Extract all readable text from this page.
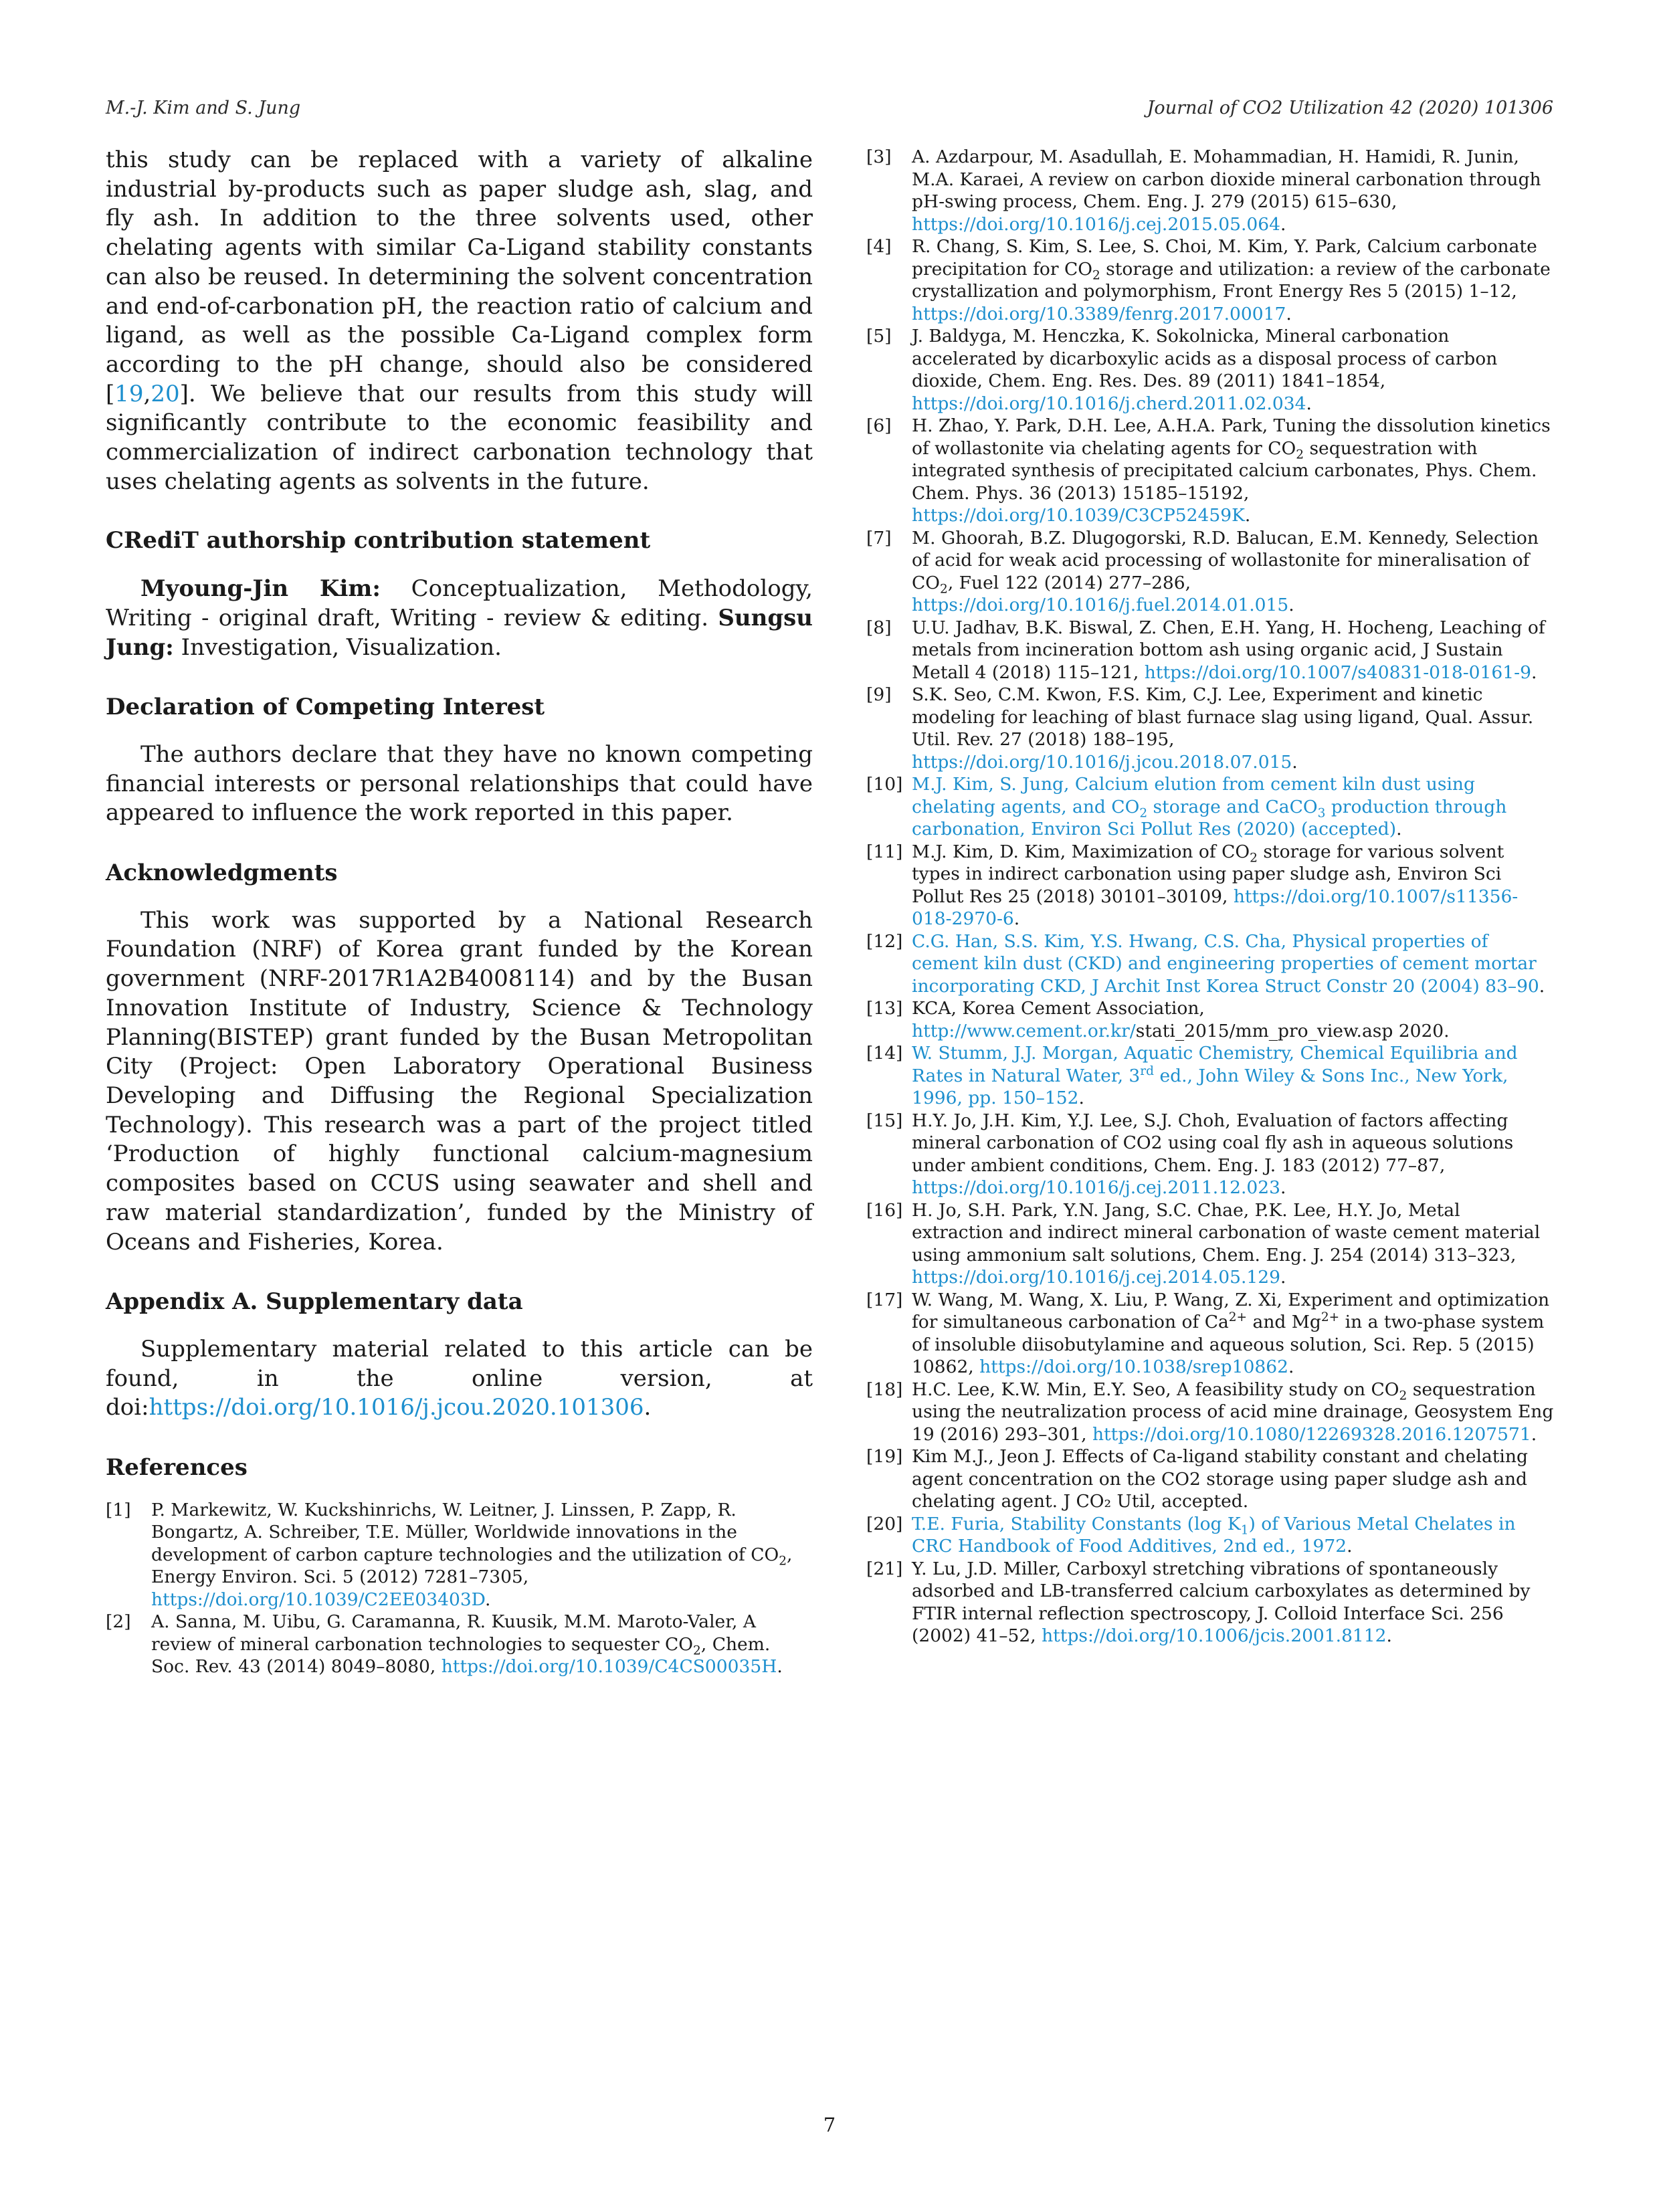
M.-J. Kim and S. Jung	Journal of CO2 Utilization 42 (2020) 101306

this study can be replaced with a variety of alkaline industrial by-products such as paper sludge ash, slag, and fly ash. In addition to the three solvents used, other chelating agents with similar Ca-Ligand stability constants can also be reused. In determining the solvent concentration and end-of-carbonation pH, the reaction ratio of calcium and ligand, as well as the possible Ca-Ligand complex form according to the pH change, should also be considered [19,20]. We believe that our results from this study will significantly contribute to the economic feasibility and commercialization of indirect carbonation technology that uses chelating agents as solvents in the future.

CRediT authorship contribution statement

Myoung-Jin Kim: Conceptualization, Methodology, Writing - original draft, Writing - review & editing. Sungsu Jung: Investigation, Visualization.

Declaration of Competing Interest

The authors declare that they have no known competing financial interests or personal relationships that could have appeared to influence the work reported in this paper.

Acknowledgments

This work was supported by a National Research Foundation (NRF) of Korea grant funded by the Korean government (NRF-2017R1A2B4008114) and by the Busan Innovation Institute of Industry, Science & Technology Planning(BISTEP) grant funded by the Busan Metropolitan City (Project: Open Laboratory Operational Business Developing and Diffusing the Regional Specialization Technology). This research was a part of the project titled ‘Production of highly functional calcium-magnesium composites based on CCUS using seawater and shell and raw material standardization’, funded by the Ministry of Oceans and Fisheries, Korea.

Appendix A. Supplementary data

Supplementary material related to this article can be found, in the online version, at doi:https://doi.org/10.1016/j.jcou.2020.101306.

References

[1]	P. Markewitz, W. Kuckshinrichs, W. Leitner, J. Linssen, P. Zapp, R. Bongartz, A. Schreiber, T.E. Müller, Worldwide innovations in the development of carbon capture technologies and the utilization of $CO_2$, Energy Environ. Sci. 5 (2012) 7281–7305, https://doi.org/10.1039/C2EE03403D.
[2]	A. Sanna, M. Uibu, G. Caramanna, R. Kuusik, M.M. Maroto-Valer, A review of mineral carbonation technologies to sequester $CO_2$, Chem. Soc. Rev. 43 (2014) 8049–8080, https://doi.org/10.1039/C4CS00035H.
[3]	A. Azdarpour, M. Asadullah, E. Mohammadian, H. Hamidi, R. Junin, M.A. Karaei, A review on carbon dioxide mineral carbonation through pH-swing process, Chem. Eng. J. 279 (2015) 615–630, https://doi.org/10.1016/j.cej.2015.05.064.
[4]	R. Chang, S. Kim, S. Lee, S. Choi, M. Kim, Y. Park, Calcium carbonate precipitation for $CO_2$ storage and utilization: a review of the carbonate crystallization and polymorphism, Front Energy Res 5 (2015) 1–12, https://doi.org/10.3389/fenrg.2017.00017.
[5]	J. Baldyga, M. Henczka, K. Sokolnicka, Mineral carbonation accelerated by dicarboxylic acids as a disposal process of carbon dioxide, Chem. Eng. Res. Des. 89 (2011) 1841–1854, https://doi.org/10.1016/j.cherd.2011.02.034.
[6]	H. Zhao, Y. Park, D.H. Lee, A.H.A. Park, Tuning the dissolution kinetics of wollastonite via chelating agents for $CO_2$ sequestration with integrated synthesis of precipitated calcium carbonates, Phys. Chem. Chem. Phys. 36 (2013) 15185–15192, https://doi.org/10.1039/C3CP52459K.
[7]	M. Ghoorah, B.Z. Dlugogorski, R.D. Balucan, E.M. Kennedy, Selection of acid for weak acid processing of wollastonite for mineralisation of $CO_2$, Fuel 122 (2014) 277–286, https://doi.org/10.1016/j.fuel.2014.01.015.
[8]	U.U. Jadhav, B.K. Biswal, Z. Chen, E.H. Yang, H. Hocheng, Leaching of metals from incineration bottom ash using organic acid, J Sustain Metall 4 (2018) 115–121, https://doi.org/10.1007/s40831-018-0161-9.
[9]	S.K. Seo, C.M. Kwon, F.S. Kim, C.J. Lee, Experiment and kinetic modeling for leaching of blast furnace slag using ligand, Qual. Assur. Util. Rev. 27 (2018) 188–195, https://doi.org/10.1016/j.jcou.2018.07.015.
[10] M.J. Kim, S. Jung, Calcium elution from cement kiln dust using chelating agents, and $CO_2$ storage and CaCO$_3$ production through carbonation, Environ Sci Pollut Res (2020) (accepted).
[11] M.J. Kim, D. Kim, Maximization of $CO_2$ storage for various solvent types in indirect carbonation using paper sludge ash, Environ Sci Pollut Res 25 (2018) 30101–30109, https://doi.org/10.1007/s11356-018-2970-6.
[12] C.G. Han, S.S. Kim, Y.S. Hwang, C.S. Cha, Physical properties of cement kiln dust (CKD) and engineering properties of cement mortar incorporating CKD, J Archit Inst Korea Struct Constr 20 (2004) 83–90.
[13] KCA, Korea Cement Association, http://www.cement.or.kr/stati_2015/mm_pro_view.asp 2020.
[14] W. Stumm, J.J. Morgan, Aquatic Chemistry, Chemical Equilibria and Rates in Natural Water, 3rd ed., John Wiley & Sons Inc., New York, 1996, pp. 150–152.
[15] H.Y. Jo, J.H. Kim, Y.J. Lee, S.J. Choh, Evaluation of factors affecting mineral carbonation of CO2 using coal fly ash in aqueous solutions under ambient conditions, Chem. Eng. J. 183 (2012) 77–87, https://doi.org/10.1016/j.cej.2011.12.023.
[16] H. Jo, S.H. Park, Y.N. Jang, S.C. Chae, P.K. Lee, H.Y. Jo, Metal extraction and indirect mineral carbonation of waste cement material using ammonium salt solutions, Chem. Eng. J. 254 (2014) 313–323, https://doi.org/10.1016/j.cej.2014.05.129.
[17] W. Wang, M. Wang, X. Liu, P. Wang, Z. Xi, Experiment and optimization for simultaneous carbonation of $Ca^{2+}$ and $Mg^{2+}$ in a two-phase system of insoluble diisobutylamine and aqueous solution, Sci. Rep. 5 (2015) 10862, https://doi.org/10.1038/srep10862.
[18] H.C. Lee, K.W. Min, E.Y. Seo, A feasibility study on $CO_2$ sequestration using the neutralization process of acid mine drainage, Geosystem Eng 19 (2016) 293–301, https://doi.org/10.1080/12269328.2016.1207571.
[19] Kim M.J., Jeon J. Effects of Ca-ligand stability constant and chelating agent concentration on the CO2 storage using paper sludge ash and chelating agent. J CO₂ Util, accepted.
[20] T.E. Furia, Stability Constants (log $K_1$) of Various Metal Chelates in CRC Handbook of Food Additives, 2nd ed., 1972.
[21] Y. Lu, J.D. Miller, Carboxyl stretching vibrations of spontaneously adsorbed and LB-transferred calcium carboxylates as determined by FTIR internal reflection spectroscopy, J. Colloid Interface Sci. 256 (2002) 41–52, https://doi.org/10.1006/jcis.2001.8112.
7
